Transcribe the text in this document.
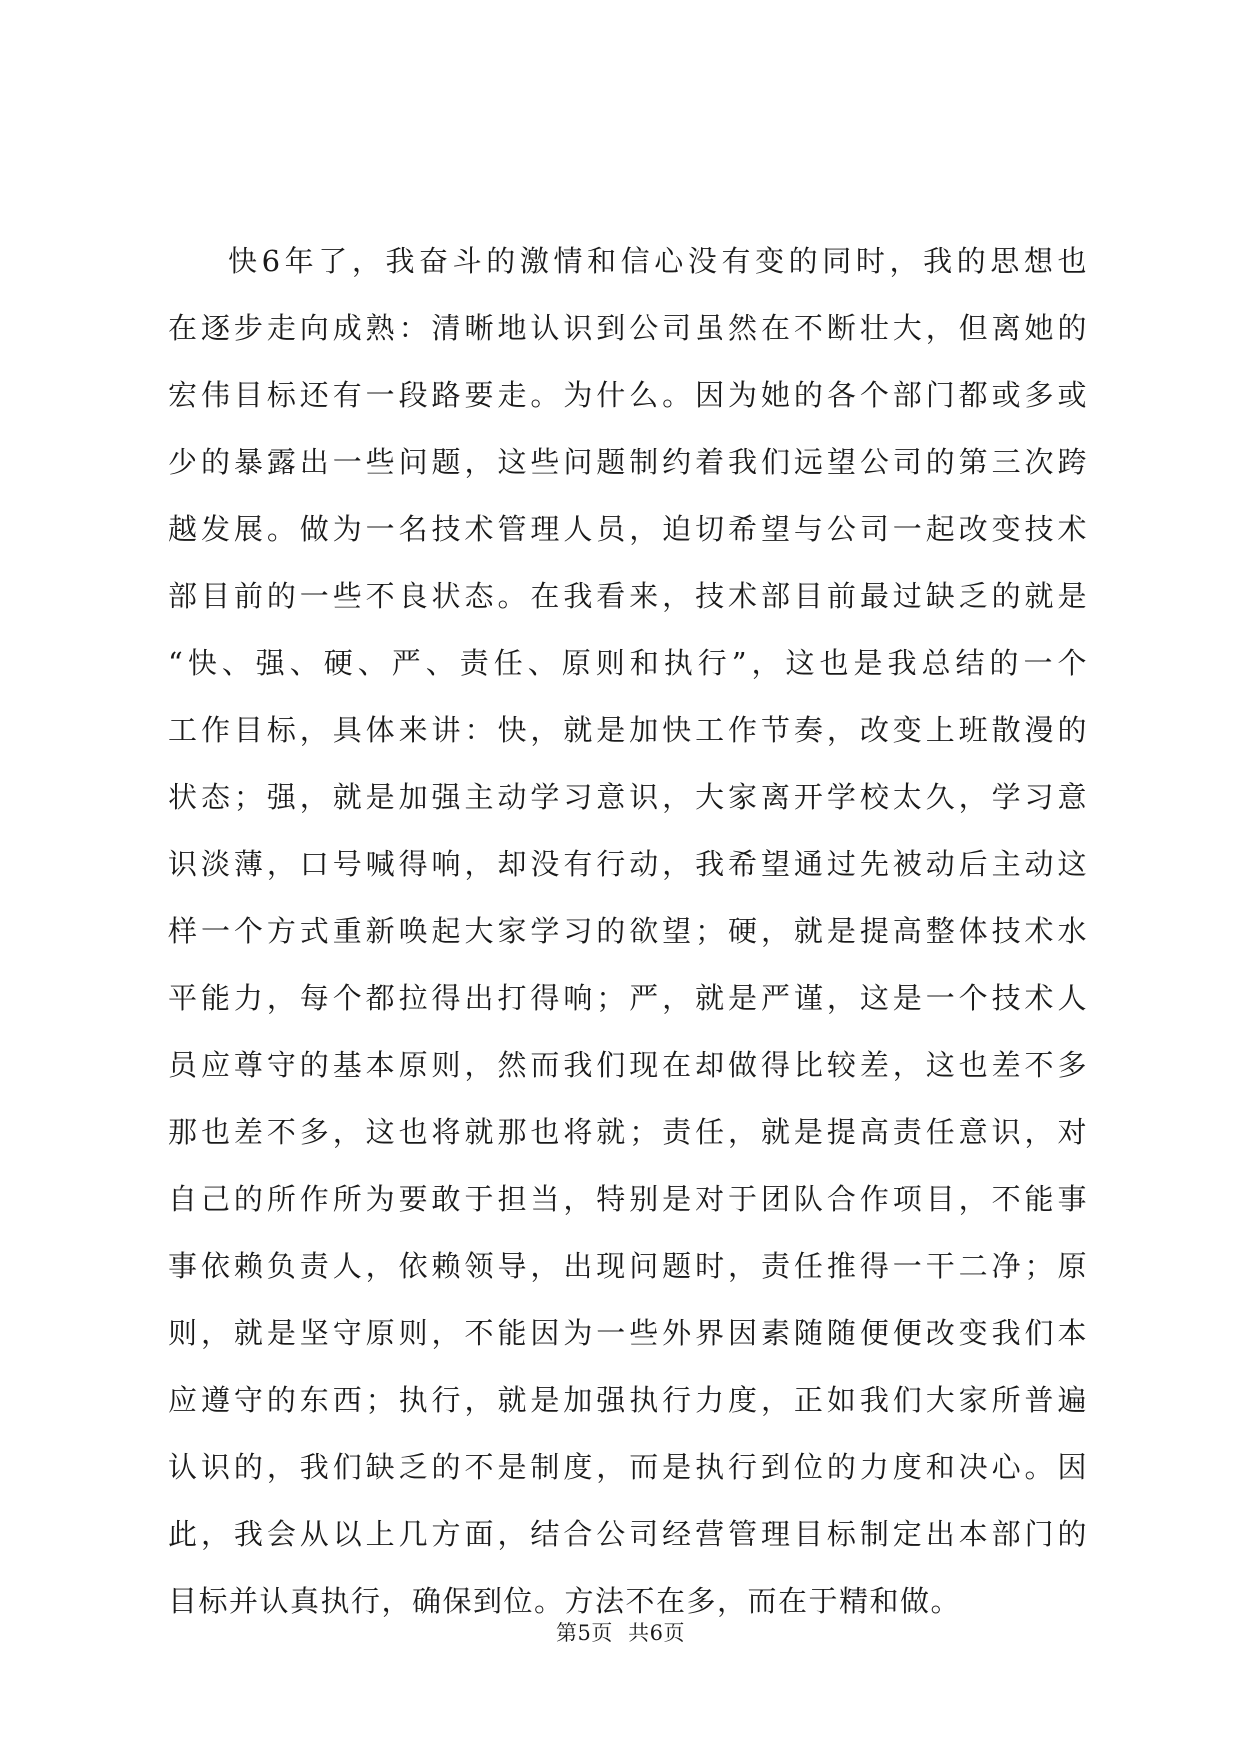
快6年了，我奋斗的激情和信心没有变的同时，我的思想也
在逐步走向成熟：清晰地认识到公司虽然在不断壮大，但离她的
宏伟目标还有一段路要走。为什么。因为她的各个部门都或多或
少的暴露出一些问题，这些问题制约着我们远望公司的第三次跨
越发展。做为一名技术管理人员，迫切希望与公司一起改变技术
部目前的一些不良状态。在我看来，技术部目前最过缺乏的就是
“快、强、硬、严、责任、原则和执行”，这也是我总结的一个
工作目标，具体来讲：快，就是加快工作节奏，改变上班散漫的
状态；强，就是加强主动学习意识，大家离开学校太久，学习意
识淡薄，口号喊得响，却没有行动，我希望通过先被动后主动这
样一个方式重新唤起大家学习的欲望；硬，就是提高整体技术水
平能力，每个都拉得出打得响；严，就是严谨，这是一个技术人
员应尊守的基本原则，然而我们现在却做得比较差，这也差不多
那也差不多，这也将就那也将就；责任，就是提高责任意识，对
自己的所作所为要敢于担当，特别是对于团队合作项目，不能事
事依赖负责人，依赖领导，出现问题时，责任推得一干二净；原
则，就是坚守原则，不能因为一些外界因素随随便便改变我们本
应遵守的东西；执行，就是加强执行力度，正如我们大家所普遍
认识的，我们缺乏的不是制度，而是执行到位的力度和决心。因
此，我会从以上几方面，结合公司经营管理目标制定出本部门的
目标并认真执行，确保到位。方法不在多，而在于精和做。
第5页 共6页
